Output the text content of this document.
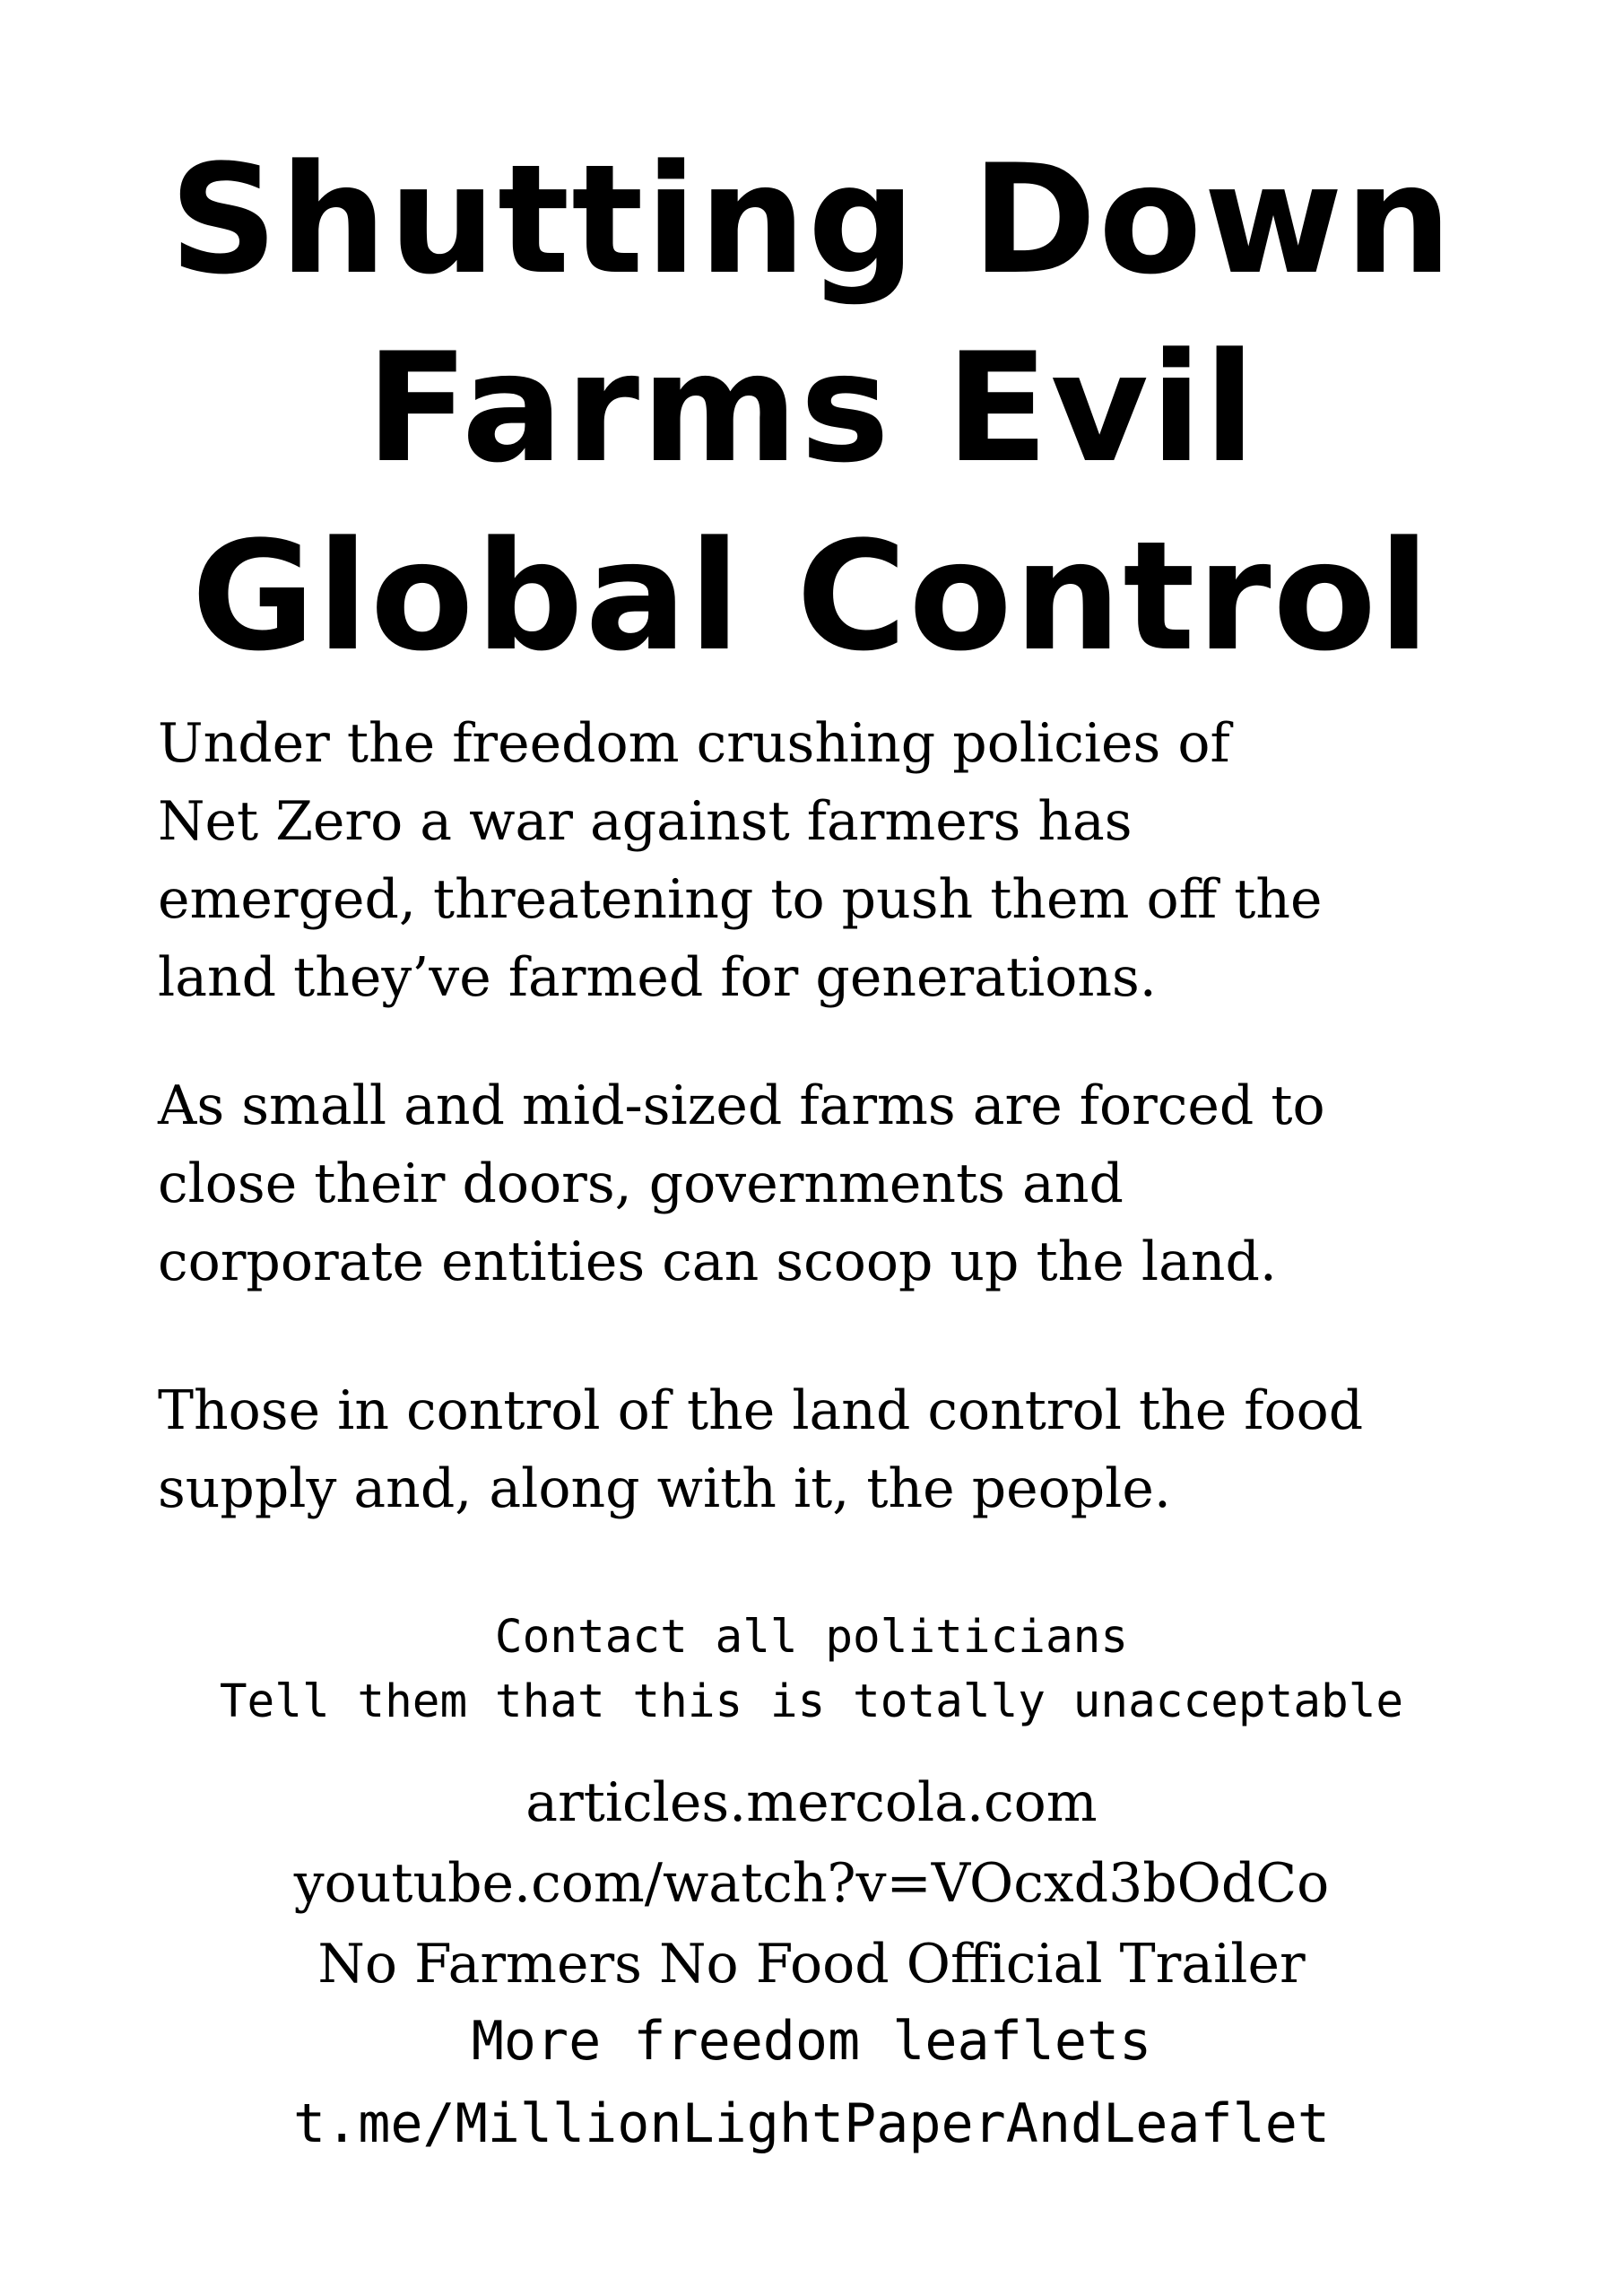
Shutting Down
Farms Evil
Global Control

Under the freedom crushing policies of
Net Zero a war against farmers has
emerged, threatening to push them off the
land they’ve farmed for generations.

As small and mid-sized farms are forced to
close their doors, governments and
corporate entities can scoop up the land.

Those in control of the land control the food
supply and, along with it, the people.

Contact all politicians
Tell them that this is totally unacceptable

articles.mercola.com
youtube.com/watch?v=VOcxd3bOdCo
No Farmers No Food Official Trailer

More freedom leaflets
t.me/MillionLightPaperAndLeaflet
